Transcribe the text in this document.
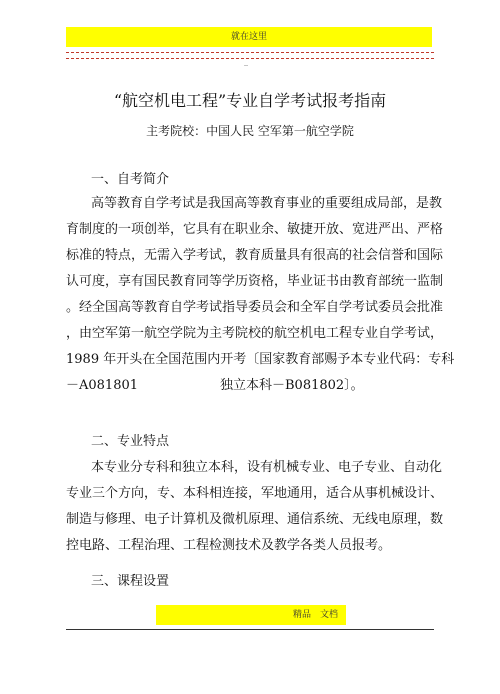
就在这里
--
“航空机电工程”专业自学考试报考指南
主考院校：中国人民 空军第一航空学院
一、自考简介
高等教育自学考试是我国高等教育事业的重要组成局部，是教
育制度的一项创举，它具有在职业余、敏捷开放、宽进严出、严格
标准的特点，无需入学考试，教育质量具有很高的社会信誉和国际
认可度，享有国民教育同等学历资格，毕业证书由教育部统一监制
。经全国高等教育自学考试指导委员会和全军自学考试委员会批准
，由空军第一航空学院为主考院校的航空机电工程专业自学考试，
1989 年开头在全国范围内开考〔国家教育部赐予本专业代码：专科
－A081801	独立本科－B081802〕。
二、专业特点
本专业分专科和独立本科，设有机械专业、电子专业、自动化
专业三个方向，专、本科相连接，军地通用，适合从事机械设计、
制造与修理、电子计算机及微机原理、通信系统、无线电原理，数
控电路、工程治理、工程检测技术及教学各类人员报考。
三、课程设置
精品　文档
